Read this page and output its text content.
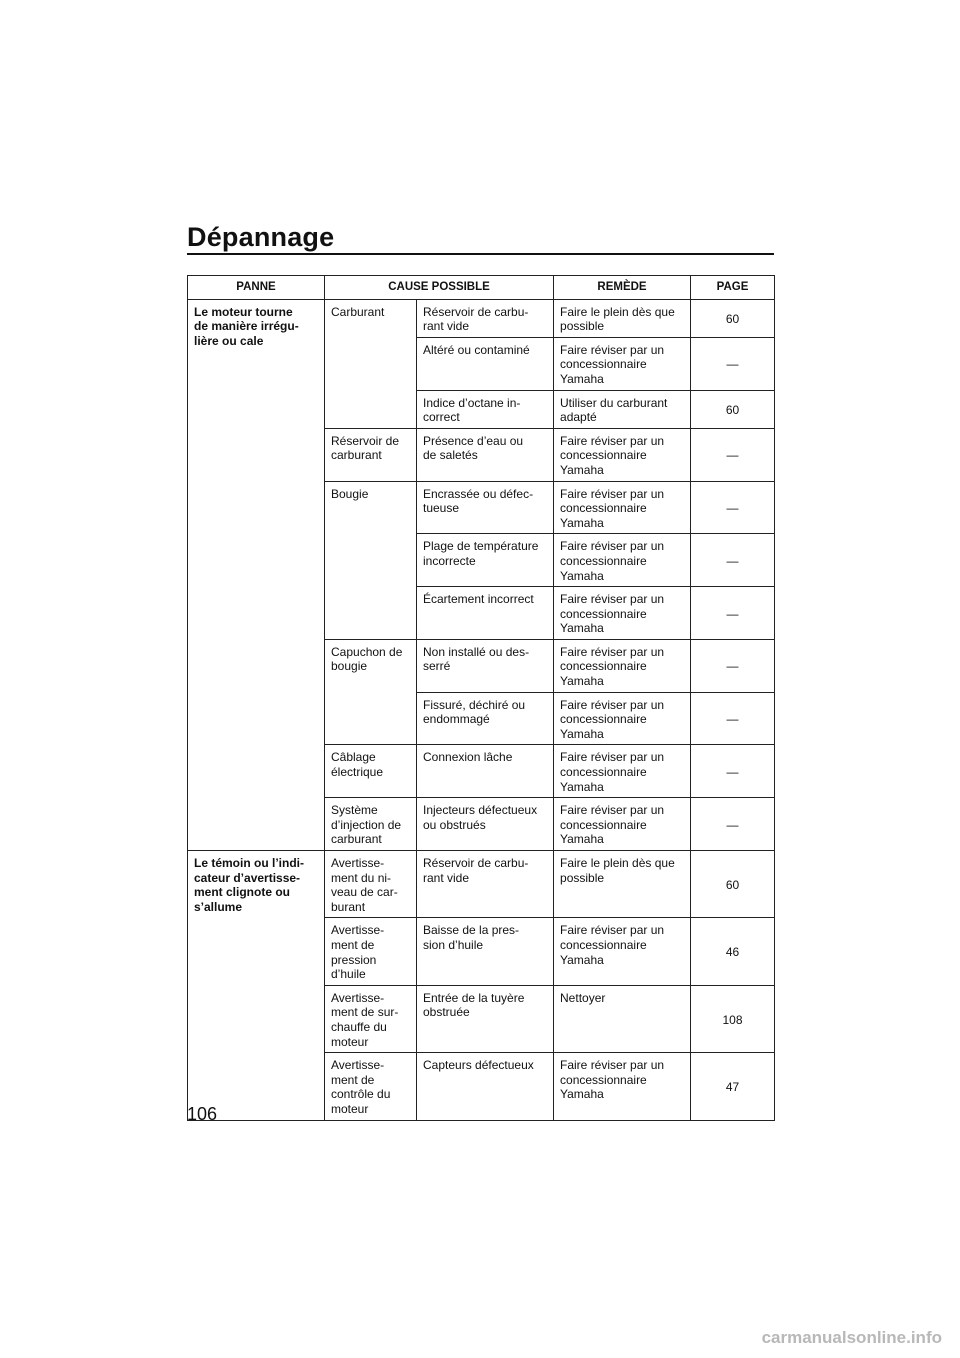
Dépannage
PANNE	CAUSE POSSIBLE		REMÈDE	PAGE
Le moteur tourne
de manière irrégu-
lière ou cale	Carburant	Réservoir de carbu-
rant vide	Faire le plein dès que
possible	60
		Altéré ou contaminé	Faire réviser par un
concessionnaire
Yamaha	—
		Indice d’octane in-
correct	Utiliser du carburant
adapté	60
	Réservoir de
carburant	Présence d’eau ou
de saletés	Faire réviser par un
concessionnaire
Yamaha	—
	Bougie	Encrassée ou défec-
tueuse	Faire réviser par un
concessionnaire
Yamaha	—
		Plage de température
incorrecte	Faire réviser par un
concessionnaire
Yamaha	—
		Écartement incorrect	Faire réviser par un
concessionnaire
Yamaha	—
	Capuchon de
bougie	Non installé ou des-
serré	Faire réviser par un
concessionnaire
Yamaha	—
		Fissuré, déchiré ou
endommagé	Faire réviser par un
concessionnaire
Yamaha	—
	Câblage
électrique	Connexion lâche	Faire réviser par un
concessionnaire
Yamaha	—
	Système
d’injection de
carburant	Injecteurs défectueux
ou obstrués	Faire réviser par un
concessionnaire
Yamaha	—
Le témoin ou l’indi-
cateur d’avertisse-
ment clignote ou
s’allume	Avertisse-
ment du ni-
veau de car-
burant	Réservoir de carbu-
rant vide	Faire le plein dès que
possible	60
	Avertisse-
ment de
pression
d’huile	Baisse de la pres-
sion d’huile	Faire réviser par un
concessionnaire
Yamaha	46
	Avertisse-
ment de sur-
chauffe du
moteur	Entrée de la tuyère
obstruée	Nettoyer	108
	Avertisse-
ment de
contrôle du
moteur	Capteurs défectueux	Faire réviser par un
concessionnaire
Yamaha	47
106
carmanualsonline.info
